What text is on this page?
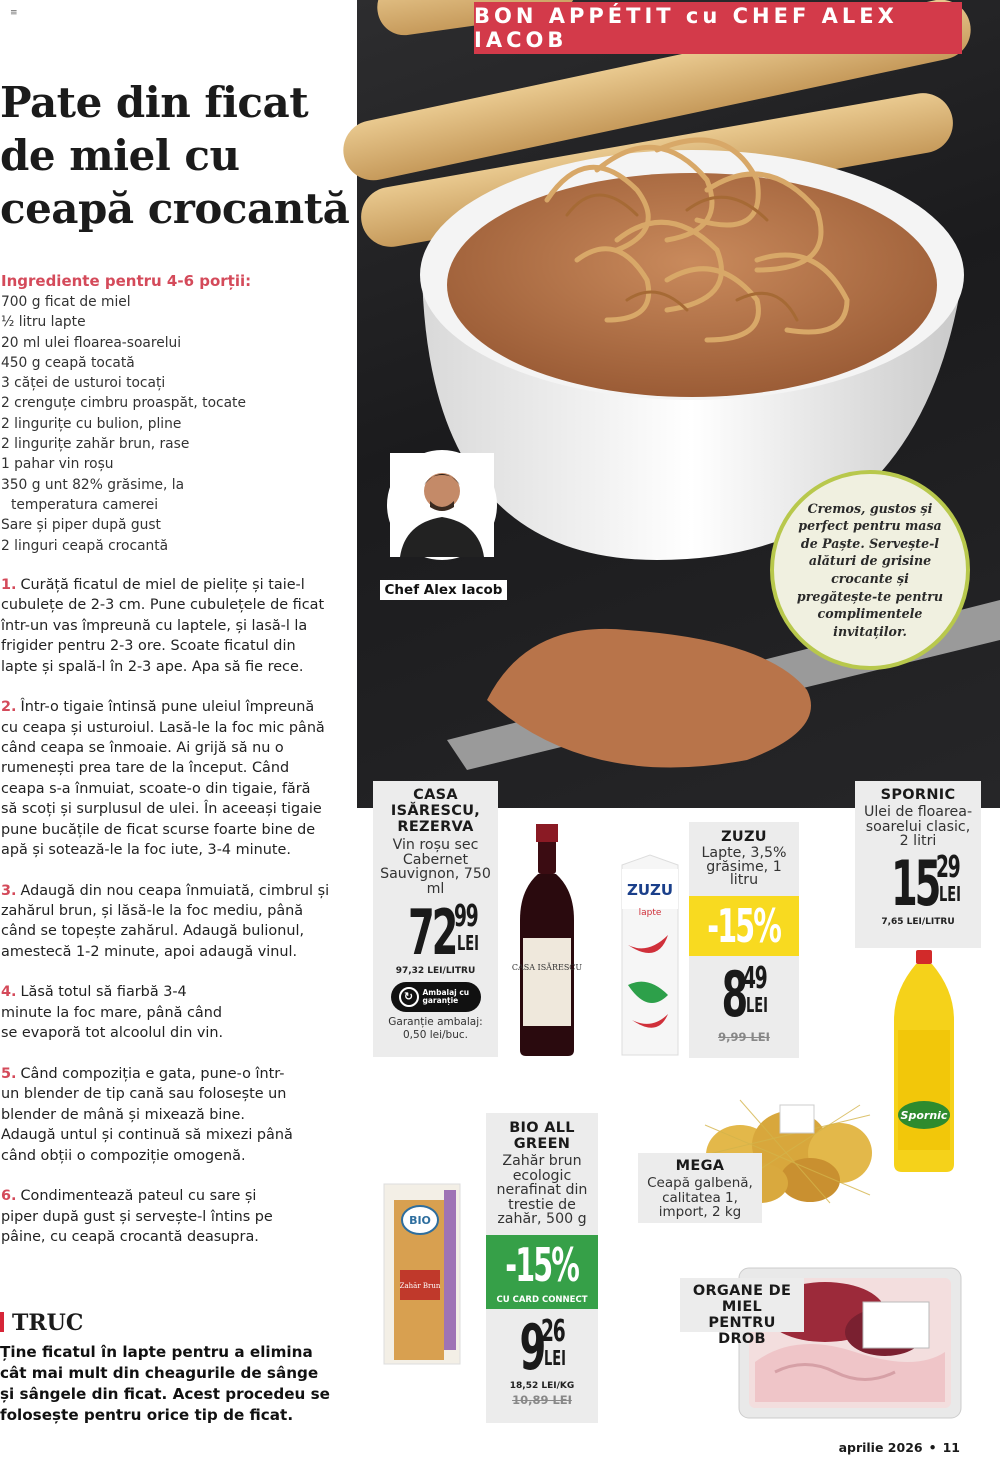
≡
Pate din ficat de miel cu ceapă crocantă
Ingrediente pentru 4-6 porții:
700 g ficat de miel
½ litru lapte
20 ml ulei floarea-soarelui
450 g ceapă tocată
3 căței de usturoi tocați
2 crenguțe cimbru proaspăt, tocate
2 lingurițe cu bulion, pline
2 lingurițe zahăr brun, rase
1 pahar vin roșu
350 g unt 82% grăsime, la
temperatura camerei
Sare și piper după gust
2 linguri ceapă crocantă
1. Curăță ficatul de miel de pielițe și taie-l cubulețe de 2-3 cm. Pune cubulețele de ficat într-un vas împreună cu laptele, și lasă-l la frigider pentru 2-3 ore. Scoate ficatul din lapte și spală-l în 2-3 ape. Apa să fie rece.
2. Într-o tigaie întinsă pune uleiul împreună cu ceapa și usturoiul. Lasă-le la foc mic până când ceapa se înmoaie. Ai grijă să nu o rumenești prea tare de la început. Când ceapa s-a înmuiat, scoate-o din tigaie, fără să scoți și surplusul de ulei. În aceeași tigaie pune bucățile de ficat scurse foarte bine de apă și sotează-le la foc iute, 3-4 minute.
3. Adaugă din nou ceapa înmuiată, cimbrul și zahărul brun, și lăsă-le la foc mediu, până când se topește zahărul. Adaugă bulionul, amestecă 1-2 minute, apoi adaugă vinul.
4. Lăsă totul să fiarbă 3-4 minute la foc mare, până când se evaporă tot alcoolul din vin.
5. Când compoziția e gata, pune-o într-un blender de tip cană sau folosește un blender de mână și mixează bine. Adaugă untul și continuă să mixezi până când obții o compoziție omogenă.
6. Condimentează pateul cu sare și piper după gust și servește-l întins pe pâine, cu ceapă crocantă deasupra.
TRUC
Ține ficatul în lapte pentru a elimina cât mai mult din cheagurile de sânge și sângele din ficat. Acest procedeu se folosește pentru orice tip de ficat.
BON APPÉTIT cu CHEF ALEX IACOB
Chef Alex Iacob
Cremos, gustos și perfect pentru masa de Paște. Servește-l alături de grisine crocante și pregătește-te pentru complimentele invitaților.
CASA ISĂRESCU, REZERVA
Vin roșu sec Cabernet Sauvignon, 750 ml
72
99
LEI
97,32 LEI/LITRU
↻	Ambalaj cu garanție
Garanție ambalaj: 0,50 lei/buc.
CASA ISĂRESCU
ZUZU
lapte
ZUZU
Lapte, 3,5% grăsime, 1 litru
-15%
8
49
LEI
9,99 LEI
SPORNIC
Ulei de floarea-soarelui clasic, 2 litri
15
29
LEI
7,65 LEI/LITRU
Spornic
MEGA
Ceapă galbenă, calitatea 1, import, 2 kg
BIO
Zahăr Brun
BIO ALL GREEN
Zahăr brun ecologic nerafinat din trestie de zahăr, 500 g
-15%
CU CARD CONNECT
9
26
LEI
18,52 LEI/KG
10,89 LEI
ORGANE DE MIEL PENTRU DROB
aprilie 2026 • 11
